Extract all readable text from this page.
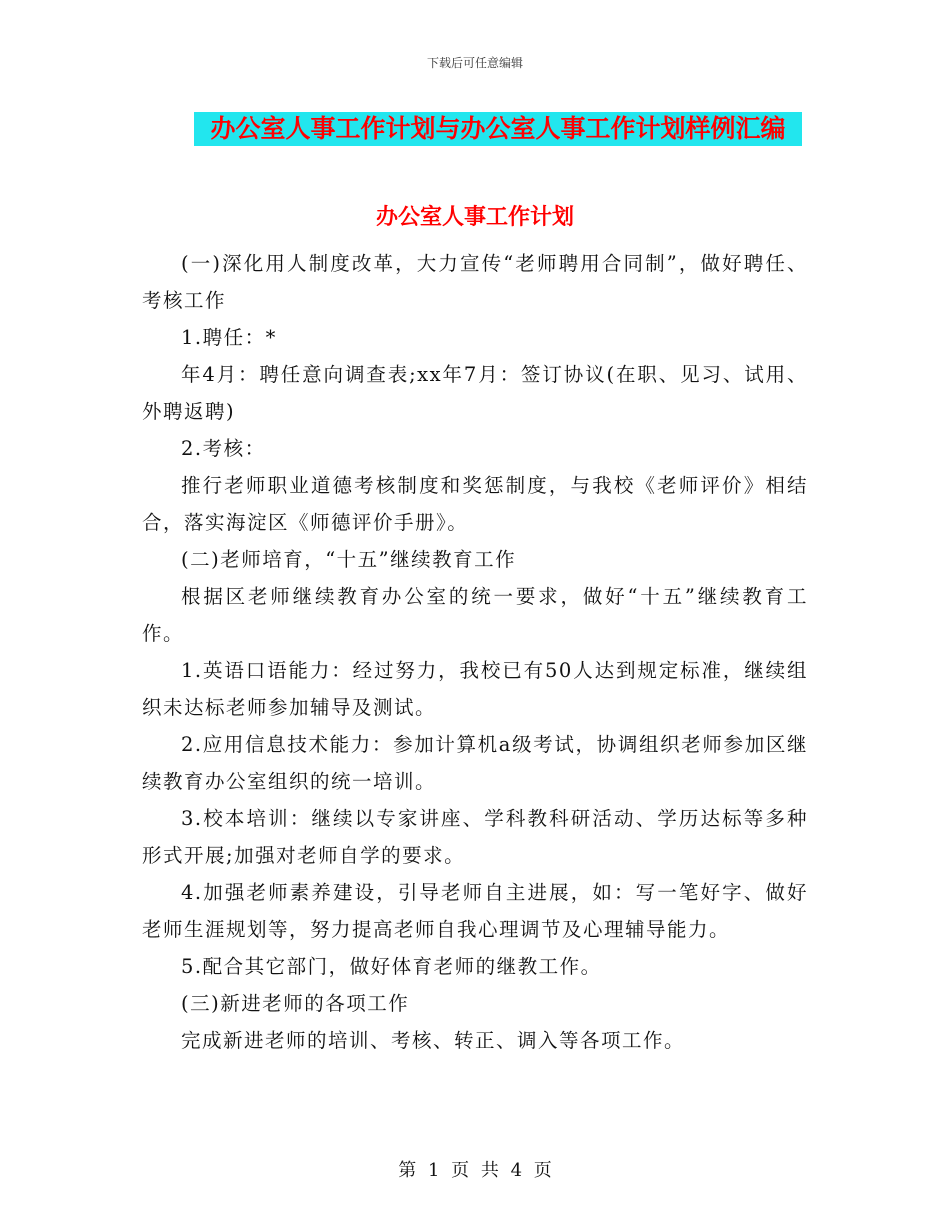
下载后可任意编辑
办公室人事工作计划与办公室人事工作计划样例汇编
办公室人事工作计划

(一)深化用人制度改革，大力宣传“老师聘用合同制”，做好聘任、考核工作

1.聘任：*

年4月：聘任意向调查表;xx年7月：签订协议(在职、见习、试用、外聘返聘)

2.考核：

推行老师职业道德考核制度和奖惩制度，与我校《老师评价》相结合，落实海淀区《师德评价手册》。

(二)老师培育，“十五”继续教育工作

根据区老师继续教育办公室的统一要求，做好“十五”继续教育工作。

1.英语口语能力：经过努力，我校已有50人达到规定标准，继续组织未达标老师参加辅导及测试。

2.应用信息技术能力：参加计算机a级考试，协调组织老师参加区继续教育办公室组织的统一培训。

3.校本培训：继续以专家讲座、学科教科研活动、学历达标等多种形式开展;加强对老师自学的要求。

4.加强老师素养建设，引导老师自主进展，如：写一笔好字、做好老师生涯规划等，努力提高老师自我心理调节及心理辅导能力。

5.配合其它部门，做好体育老师的继教工作。

(三)新进老师的各项工作

完成新进老师的培训、考核、转正、调入等各项工作。

第 1 页 共 4 页
